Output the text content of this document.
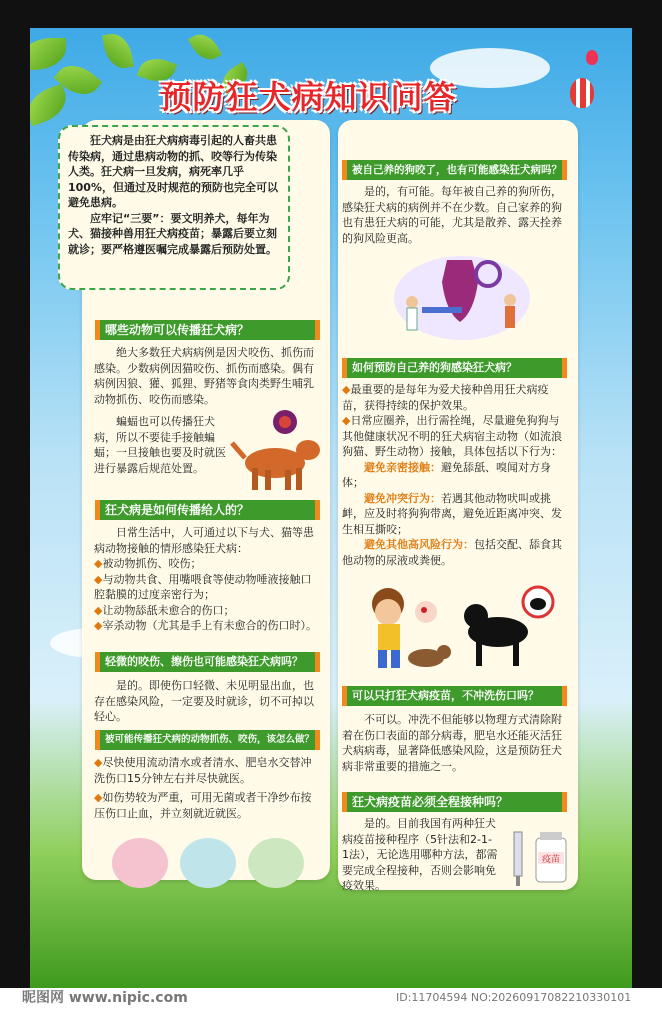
预防狂犬病知识问答

狂犬病是由狂犬病病毒引起的人畜共患传染病，通过患病动物的抓、咬等行为传染人类。狂犬病一旦发病，病死率几乎100%，但通过及时规范的预防也完全可以避免患病。

应牢记“三要”：要文明养犬，每年为犬、猫接种兽用狂犬病疫苗；暴露后要立刻就诊；要严格遵医嘱完成暴露后预防处置。

哪些动物可以传播狂犬病？

绝大多数狂犬病病例是因犬咬伤、抓伤而感染。少数病例因猫咬伤、抓伤而感染。偶有病例因狼、獾、狐狸、野猪等食肉类野生哺乳动物抓伤、咬伤而感染。

蝙蝠也可以传播狂犬病，所以不要徒手接触蝙蝠；一旦接触也要及时就医进行暴露后规范处置。

狂犬病是如何传播给人的？

日常生活中，人可通过以下与犬、猫等患病动物接触的情形感染狂犬病：

◆被动物抓伤、咬伤；

◆与动物共食、用嘴喂食等使动物唾液接触口腔黏膜的过度亲密行为；

◆让动物舔舐未愈合的伤口；

◆宰杀动物（尤其是手上有未愈合的伤口时）。

轻微的咬伤、擦伤也可能感染狂犬病吗？

是的。即使伤口轻微、未见明显出血，也存在感染风险，一定要及时就诊，切不可掉以轻心。

被可能传播狂犬病的动物抓伤、咬伤，该怎么做？

◆尽快使用流动清水或者清水、肥皂水交替冲洗伤口15分钟左右并尽快就医。

◆如伤势较为严重，可用无菌或者干净纱布按压伤口止血，并立刻就近就医。

被自己养的狗咬了，也有可能感染狂犬病吗？

是的，有可能。每年被自己养的狗所伤，感染狂犬病的病例并不在少数。自己家养的狗也有患狂犬病的可能，尤其是散养、露天拴养的狗风险更高。

如何预防自己养的狗感染狂犬病？

◆最重要的是每年为爱犬接种兽用狂犬病疫苗，获得持续的保护效果。

◆日常应圈养，出行需拴绳，尽量避免狗狗与其他健康状况不明的狂犬病宿主动物（如流浪狗猫、野生动物）接触，具体包括以下行为：

避免亲密接触：避免舔舐、嗅闻对方身体；

避免冲突行为：若遇其他动物吠叫或挑衅，应及时将狗狗带离，避免近距离冲突、发生相互撕咬；

避免其他高风险行为：包括交配、舔食其他动物的尿液或粪便。

可以只打狂犬病疫苗，不冲洗伤口吗？

不可以。冲洗不但能够以物理方式清除附着在伤口表面的部分病毒，肥皂水还能灭活狂犬病病毒，显著降低感染风险，这是预防狂犬病非常重要的措施之一。

狂犬病疫苗必须全程接种吗？

是的。目前我国有两种狂犬病疫苗接种程序（5针法和2-1-1法），无论选用哪种方法，都需要完成全程接种，否则会影响免疫效果。

疫苗
昵图网 www.nipic.com	ID:11704594 NO:20260917082210330101
